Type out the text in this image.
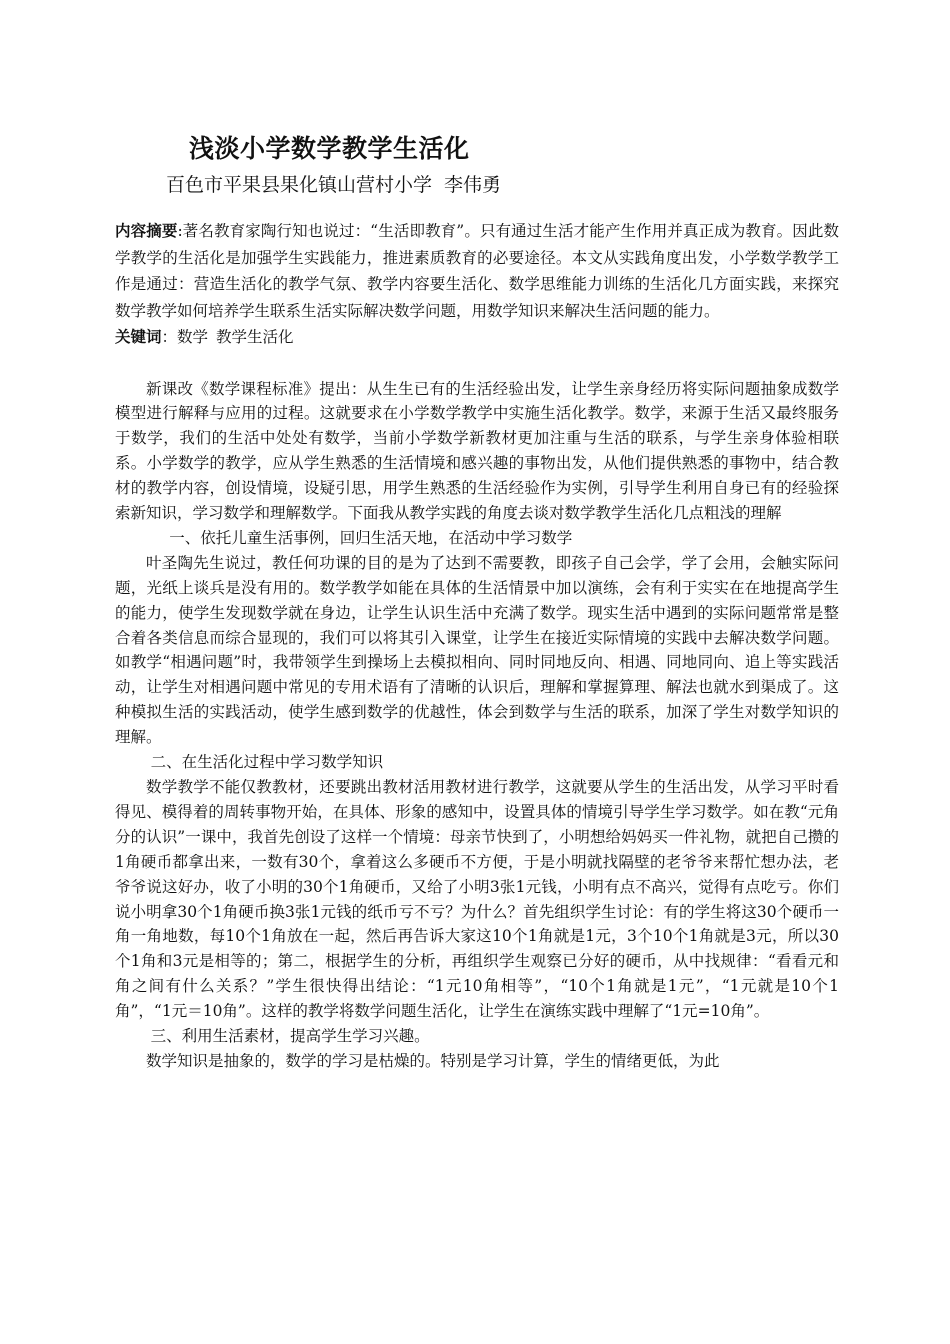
浅淡小学数学教学生活化
百色市平果县果化镇山营村小学 李伟勇

内容摘要:著名教育家陶行知也说过：“生活即教育”。只有通过生活才能产生作用并真正成为教育。因此数学教学的生活化是加强学生实践能力，推进素质教育的必要途径。本文从实践角度出发，小学数学教学工作是通过：营造生活化的教学气氛、教学内容要生活化、数学思维能力训练的生活化几方面实践，来探究数学教学如何培养学生联系生活实际解决数学问题，用数学知识来解决生活问题的能力。

关键词：数学 教学生活化

新课改《数学课程标准》提出：从生生已有的生活经验出发，让学生亲身经历将实际问题抽象成数学模型进行解释与应用的过程。这就要求在小学数学教学中实施生活化教学。数学，来源于生活又最终服务于数学，我们的生活中处处有数学，当前小学数学新教材更加注重与生活的联系，与学生亲身体验相联系。小学数学的教学，应从学生熟悉的生活情境和感兴趣的事物出发，从他们提供熟悉的事物中，结合教材的教学内容，创设情境，设疑引思，用学生熟悉的生活经验作为实例，引导学生利用自身已有的经验探索新知识，学习数学和理解数学。下面我从教学实践的角度去谈对数学教学生活化几点粗浅的理解

一、依托儿童生活事例，回归生活天地，在活动中学习数学

叶圣陶先生说过，教任何功课的目的是为了达到不需要教，即孩子自己会学，学了会用，会触实际问题，光纸上谈兵是没有用的。数学教学如能在具体的生活情景中加以演练，会有利于实实在在地提高学生的能力，使学生发现数学就在身边，让学生认识生活中充满了数学。现实生活中遇到的实际问题常常是整合着各类信息而综合显现的，我们可以将其引入课堂，让学生在接近实际情境的实践中去解决数学问题。如教学“相遇问题”时，我带领学生到操场上去模拟相向、同时同地反向、相遇、同地同向、追上等实践活动，让学生对相遇问题中常见的专用术语有了清晰的认识后，理解和掌握算理、解法也就水到渠成了。这种模拟生活的实践活动，使学生感到数学的优越性，体会到数学与生活的联系，加深了学生对数学知识的理解。

二、在生活化过程中学习数学知识

数学教学不能仅教教材，还要跳出教材活用教材进行教学，这就要从学生的生活出发，从学习平时看得见、模得着的周转事物开始，在具体、形象的感知中，设置具体的情境引导学生学习数学。如在教“元角分的认识”一课中，我首先创设了这样一个情境：母亲节快到了，小明想给妈妈买一件礼物，就把自己攒的1角硬币都拿出来，一数有30个，拿着这么多硬币不方便，于是小明就找隔壁的老爷爷来帮忙想办法，老爷爷说这好办，收了小明的30个1角硬币，又给了小明3张1元钱，小明有点不高兴，觉得有点吃亏。你们说小明拿30个1角硬币换3张1元钱的纸币亏不亏？为什么？首先组织学生讨论：有的学生将这30个硬币一角一角地数，每10个1角放在一起，然后再告诉大家这10个1角就是1元，3个10个1角就是3元，所以30个1角和3元是相等的；第二，根据学生的分析，再组织学生观察已分好的硬币，从中找规律：“看看元和角之间有什么关系？”学生很快得出结论：“1元10角相等”，“10个1角就是1元”，“1元就是10个1角”，“1元＝10角”。这样的教学将数学问题生活化，让学生在演练实践中理解了“1元=10角”。

三、利用生活素材，提高学生学习兴趣。

数学知识是抽象的，数学的学习是枯燥的。特别是学习计算，学生的情绪更低，为此
